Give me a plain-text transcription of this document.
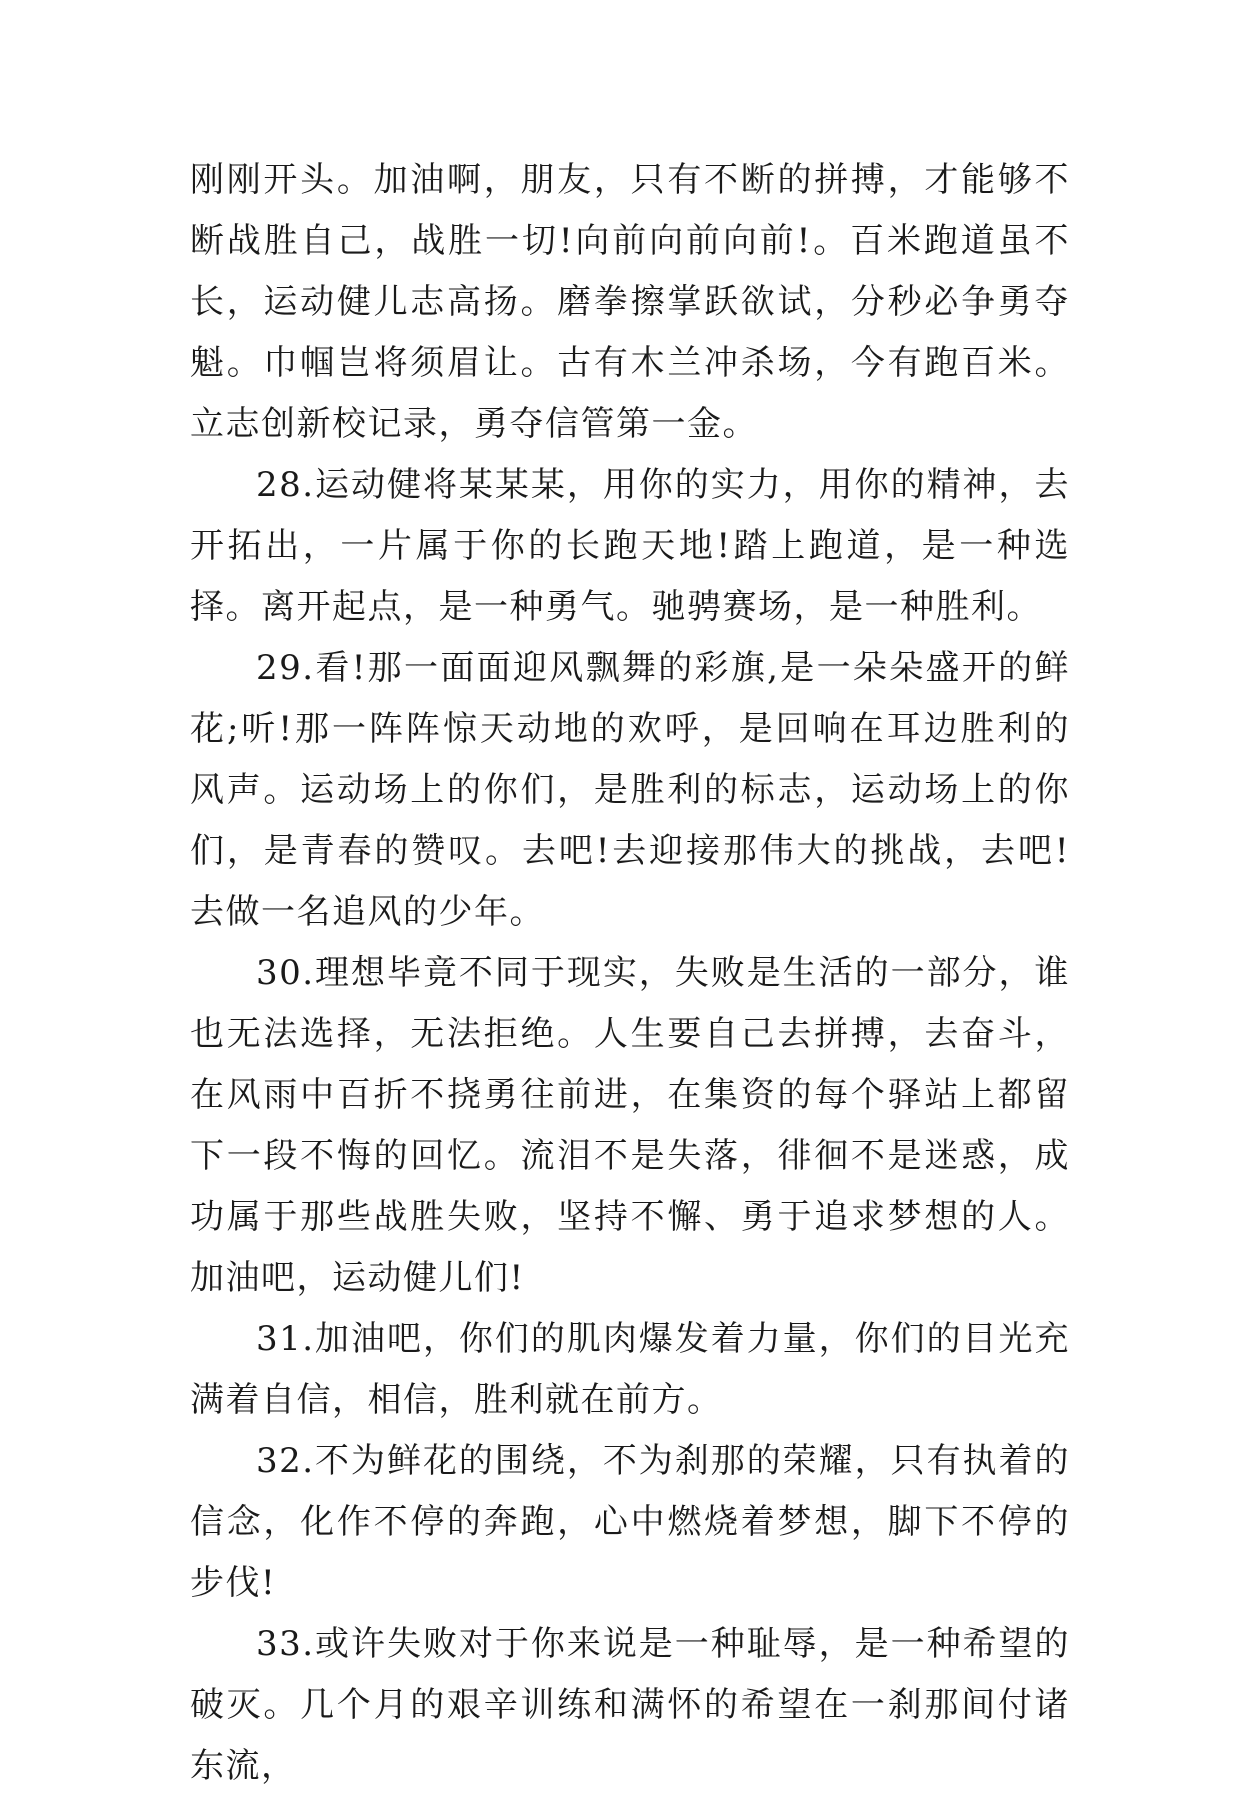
刚刚开头。加油啊，朋友，只有不断的拼搏，才能够不断战胜自己，战胜一切!向前向前向前!。百米跑道虽不长，运动健儿志高扬。磨拳擦掌跃欲试，分秒必争勇夺魁。巾帼岂将须眉让。古有木兰冲杀场，今有跑百米。立志创新校记录，勇夺信管第一金。

28.运动健将某某某，用你的实力，用你的精神，去开拓出，一片属于你的长跑天地!踏上跑道，是一种选择。离开起点，是一种勇气。驰骋赛场，是一种胜利。

29.看!那一面面迎风飘舞的彩旗,是一朵朵盛开的鲜花;听!那一阵阵惊天动地的欢呼，是回响在耳边胜利的风声。运动场上的你们，是胜利的标志，运动场上的你们，是青春的赞叹。去吧!去迎接那伟大的挑战，去吧!去做一名追风的少年。

30.理想毕竟不同于现实，失败是生活的一部分，谁也无法选择，无法拒绝。人生要自己去拼搏，去奋斗，在风雨中百折不挠勇往前进，在集资的每个驿站上都留下一段不悔的回忆。流泪不是失落，徘徊不是迷惑，成功属于那些战胜失败，坚持不懈、勇于追求梦想的人。加油吧，运动健儿们!

31.加油吧，你们的肌肉爆发着力量，你们的目光充满着自信，相信，胜利就在前方。

32.不为鲜花的围绕，不为刹那的荣耀，只有执着的信念，化作不停的奔跑，心中燃烧着梦想，脚下不停的步伐!

33.或许失败对于你来说是一种耻辱，是一种希望的破灭。几个月的艰辛训练和满怀的希望在一刹那间付诸东流，
